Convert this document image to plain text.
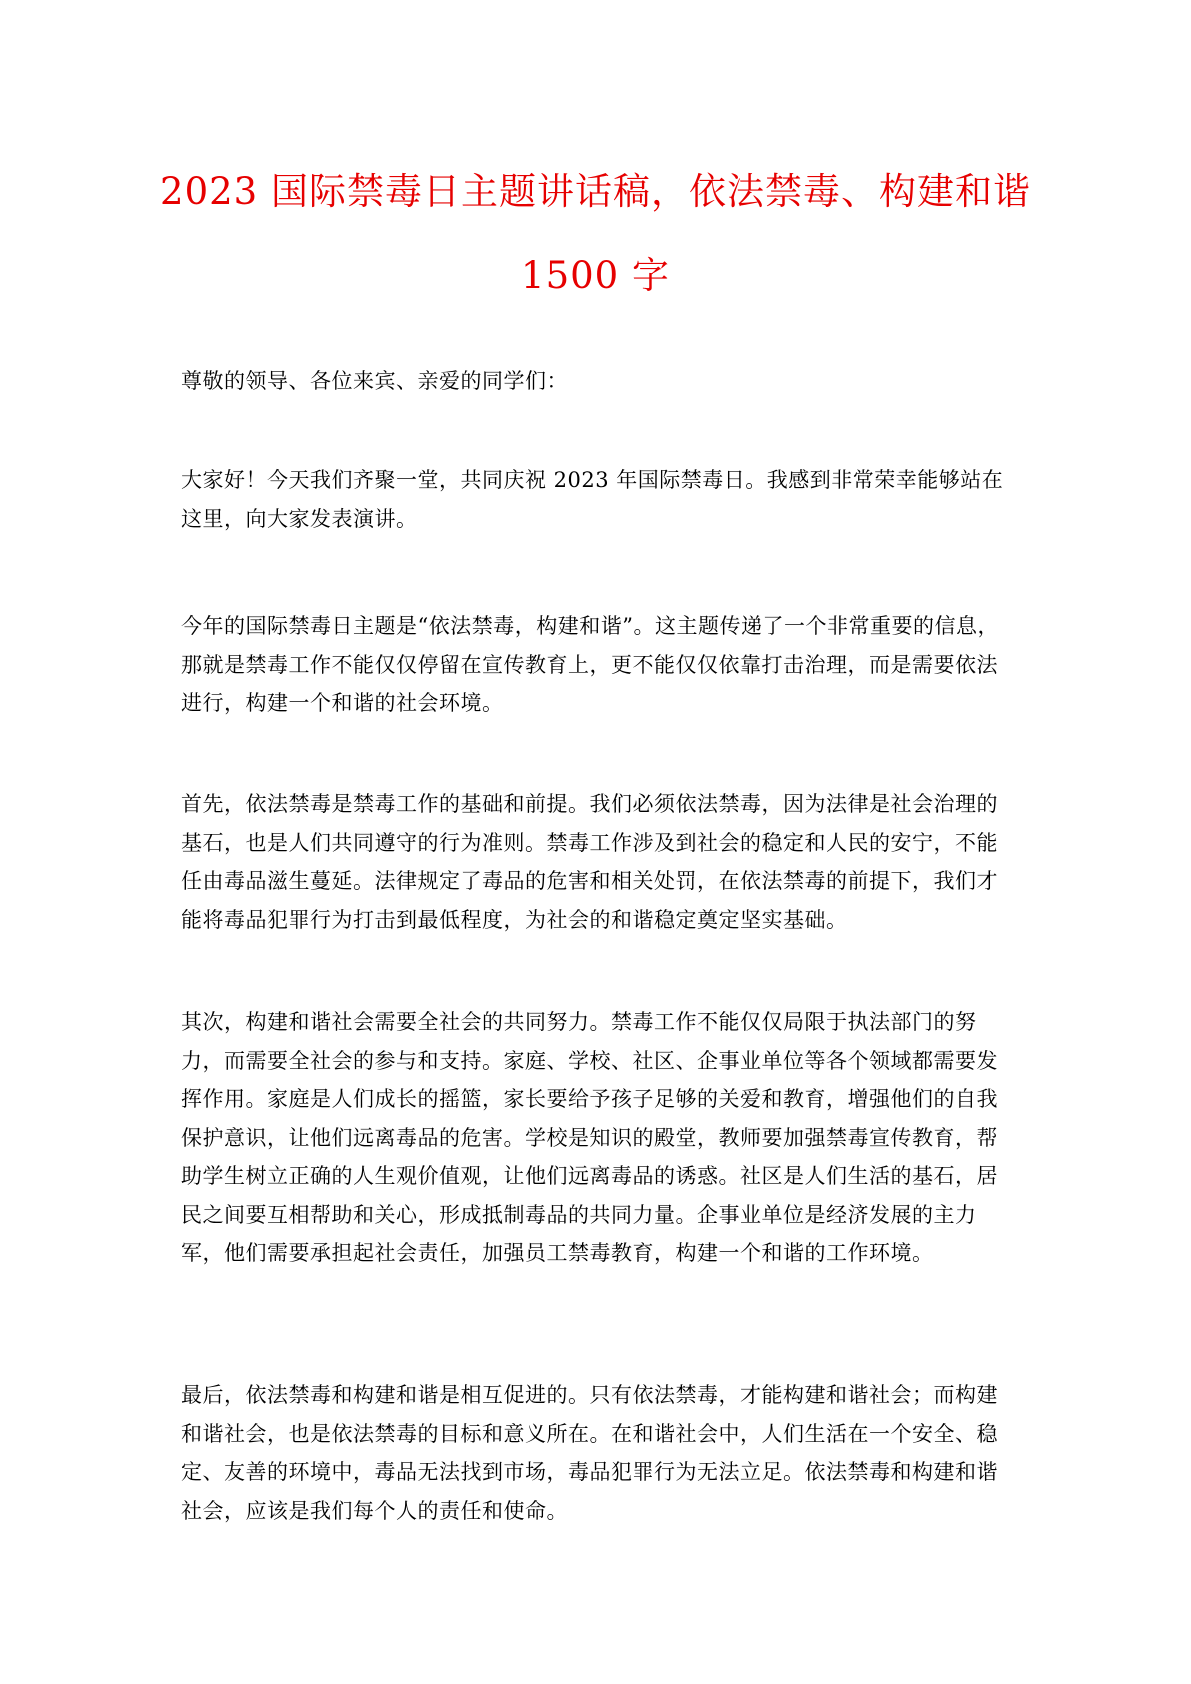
2023 国际禁毒日主题讲话稿，依法禁毒、构建和谐
1500 字

尊敬的领导、各位来宾、亲爱的同学们：

大家好！今天我们齐聚一堂，共同庆祝 2023 年国际禁毒日。我感到非常荣幸能够站在这里，向大家发表演讲。

今年的国际禁毒日主题是“依法禁毒，构建和谐”。这主题传递了一个非常重要的信息，那就是禁毒工作不能仅仅停留在宣传教育上，更不能仅仅依靠打击治理，而是需要依法进行，构建一个和谐的社会环境。

首先，依法禁毒是禁毒工作的基础和前提。我们必须依法禁毒，因为法律是社会治理的基石，也是人们共同遵守的行为准则。禁毒工作涉及到社会的稳定和人民的安宁，不能任由毒品滋生蔓延。法律规定了毒品的危害和相关处罚，在依法禁毒的前提下，我们才能将毒品犯罪行为打击到最低程度，为社会的和谐稳定奠定坚实基础。

其次，构建和谐社会需要全社会的共同努力。禁毒工作不能仅仅局限于执法部门的努力，而需要全社会的参与和支持。家庭、学校、社区、企事业单位等各个领域都需要发挥作用。家庭是人们成长的摇篮，家长要给予孩子足够的关爱和教育，增强他们的自我保护意识，让他们远离毒品的危害。学校是知识的殿堂，教师要加强禁毒宣传教育，帮助学生树立正确的人生观价值观，让他们远离毒品的诱惑。社区是人们生活的基石，居民之间要互相帮助和关心，形成抵制毒品的共同力量。企事业单位是经济发展的主力军，他们需要承担起社会责任，加强员工禁毒教育，构建一个和谐的工作环境。

最后，依法禁毒和构建和谐是相互促进的。只有依法禁毒，才能构建和谐社会；而构建和谐社会，也是依法禁毒的目标和意义所在。在和谐社会中，人们生活在一个安全、稳定、友善的环境中，毒品无法找到市场，毒品犯罪行为无法立足。依法禁毒和构建和谐社会，应该是我们每个人的责任和使命。
